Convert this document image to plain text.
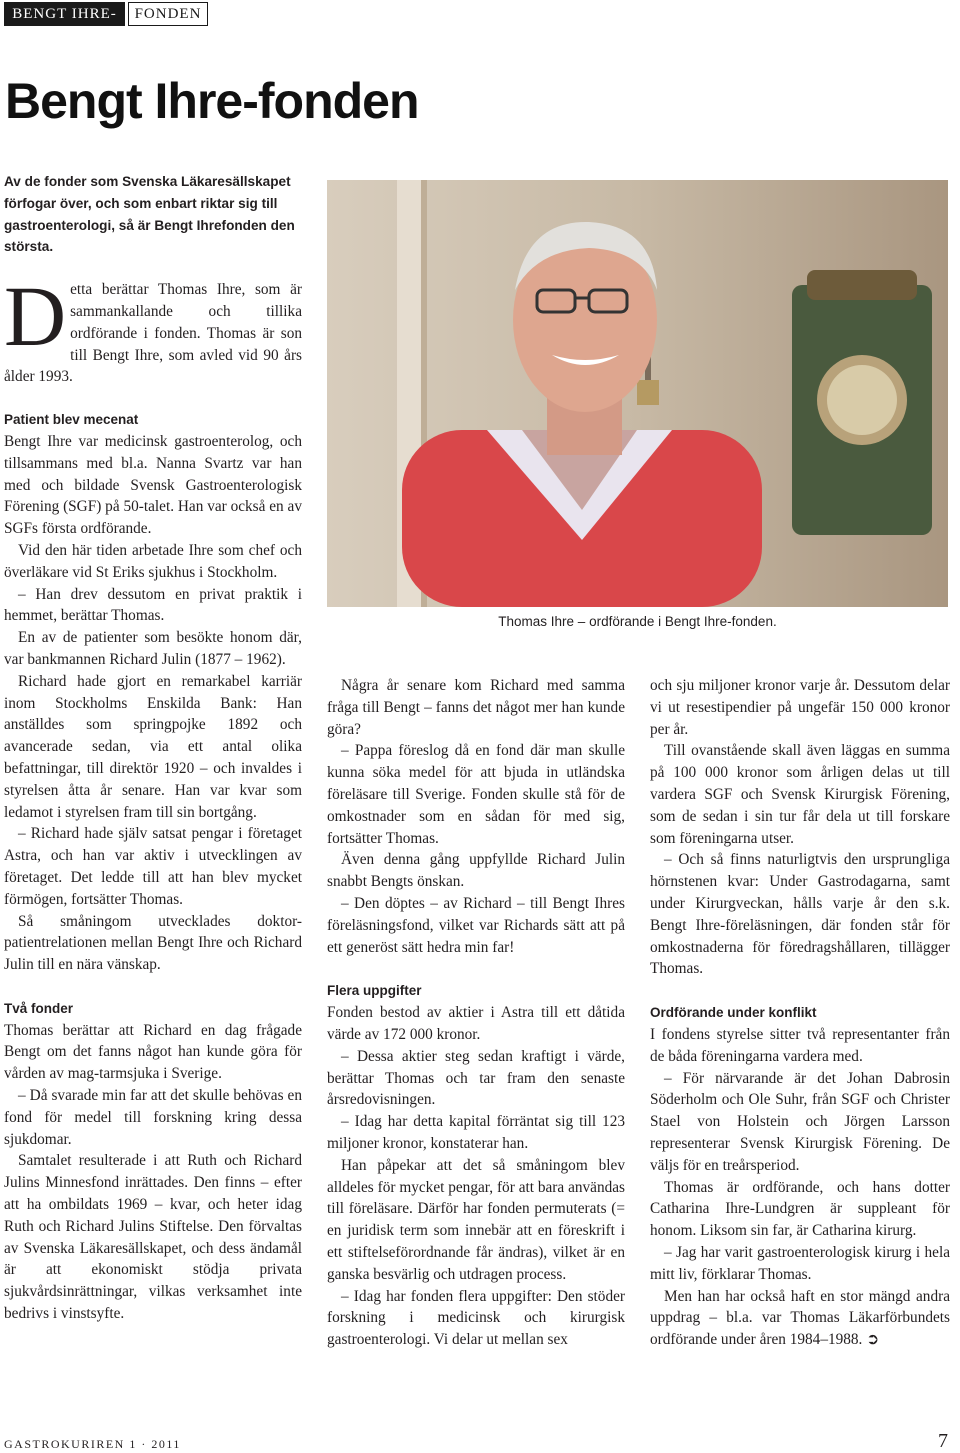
BENGT IHRE-	FONDEN
Bengt Ihre-fonden

Av de fonder som Svenska Läkaresällskapet förfogar över, och som enbart riktar sig till gastroenterologi, så är Bengt Ihrefonden den största.

Detta berättar Thomas Ihre, som är sammankallande och tillika ordförande i fonden. Thomas är son till Bengt Ihre, som avled vid 90 års ålder 1993.

Patient blev mecenat

Bengt Ihre var medicinsk gastroenterolog, och tillsammans med bl.a. Nanna Svartz var han med och bildade Svensk Gastroenterologisk Förening (SGF) på 50-talet. Han var också en av SGFs första ordförande.

Vid den här tiden arbetade Ihre som chef och överläkare vid St Eriks sjukhus i Stockholm.

– Han drev dessutom en privat praktik i hemmet, berättar Thomas.

En av de patienter som besökte honom där, var bankmannen Richard Julin (1877 – 1962).

Richard hade gjort en remarkabel karriär inom Stockholms Enskilda Bank: Han anställdes som springpojke 1892 och avancerade sedan, via ett antal olika befattningar, till direktör 1920 – och invaldes i styrelsen åtta år senare. Han var kvar som ledamot i styrelsen fram till sin bortgång.

– Richard hade själv satsat pengar i företaget Astra, och han var aktiv i utvecklingen av företaget. Det ledde till att han blev mycket förmögen, fortsätter Thomas.

Så småningom utvecklades doktor-patientrelationen mellan Bengt Ihre och Richard Julin till en nära vänskap.

Två fonder

Thomas berättar att Richard en dag frågade Bengt om det fanns något han kunde göra för vården av mag-tarmsjuka i Sverige.

– Då svarade min far att det skulle behövas en fond för medel till forskning kring dessa sjukdomar.

Samtalet resulterade i att Ruth och Richard Julins Minnesfond inrättades. Den finns – efter att ha ombildats 1969 – kvar, och heter idag Ruth och Richard Julins Stiftelse. Den förvaltas av Svenska Läkaresällskapet, och dess ändamål är att ekonomiskt stödja privata sjukvårdsinrättningar, vilkas verksamhet inte bedrivs i vinstsyfte.

Thomas Ihre – ordförande i Bengt Ihre-fonden.

Några år senare kom Richard med samma fråga till Bengt – fanns det något mer han kunde göra?

– Pappa föreslog då en fond där man skulle kunna söka medel för att bjuda in utländska föreläsare till Sverige. Fonden skulle stå för de omkostnader som en sådan för med sig, fortsätter Thomas.

Även denna gång uppfyllde Richard Julin snabbt Bengts önskan.

– Den döptes – av Richard – till Bengt Ihres föreläsningsfond, vilket var Richards sätt att på ett generöst sätt hedra min far!

Flera uppgifter

Fonden bestod av aktier i Astra till ett dåtida värde av 172 000 kronor.

– Dessa aktier steg sedan kraftigt i värde, berättar Thomas och tar fram den senaste årsredovisningen.

– Idag har detta kapital förräntat sig till 123 miljoner kronor, konstaterar han.

Han påpekar att det så småningom blev alldeles för mycket pengar, för att bara användas till föreläsare. Därför har fonden permuterats (= en juridisk term som innebär att en föreskrift i ett stiftelseförordnande får ändras), vilket är en ganska besvärlig och utdragen process.

– Idag har fonden flera uppgifter: Den stöder forskning i medicinsk och kirurgisk gastroenterologi. Vi delar ut mellan sex

och sju miljoner kronor varje år. Dessutom delar vi ut resestipendier på ungefär 150 000 kronor per år.

Till ovanstående skall även läggas en summa på 100 000 kronor som årligen delas ut till vardera SGF och Svensk Kirurgisk Förening, som de sedan i sin tur får dela ut till forskare som föreningarna utser.

– Och så finns naturligtvis den ursprungliga hörnstenen kvar: Under Gastrodagarna, samt under Kirurgveckan, hålls varje år den s.k. Bengt Ihre-föreläsningen, där fonden står för omkostnaderna för föredragshållaren, tillägger Thomas.

Ordförande under konflikt

I fondens styrelse sitter två representanter från de båda föreningarna vardera med.

– För närvarande är det Johan Dabrosin Söderholm och Ole Suhr, från SGF och Christer Stael von Holstein och Jörgen Larsson representerar Svensk Kirurgisk Förening. De väljs för en treårsperiod.

Thomas är ordförande, och hans dotter Catharina Ihre-Lundgren är suppleant för honom. Liksom sin far, är Catharina kirurg.

– Jag har varit gastroenterologisk kirurg i hela mitt liv, förklarar Thomas.

Men han har också haft en stor mängd andra uppdrag – bl.a. var Thomas Läkarförbundets ordförande under åren 1984–1988. ➲

GASTROKURIREN 1 · 2011	7
